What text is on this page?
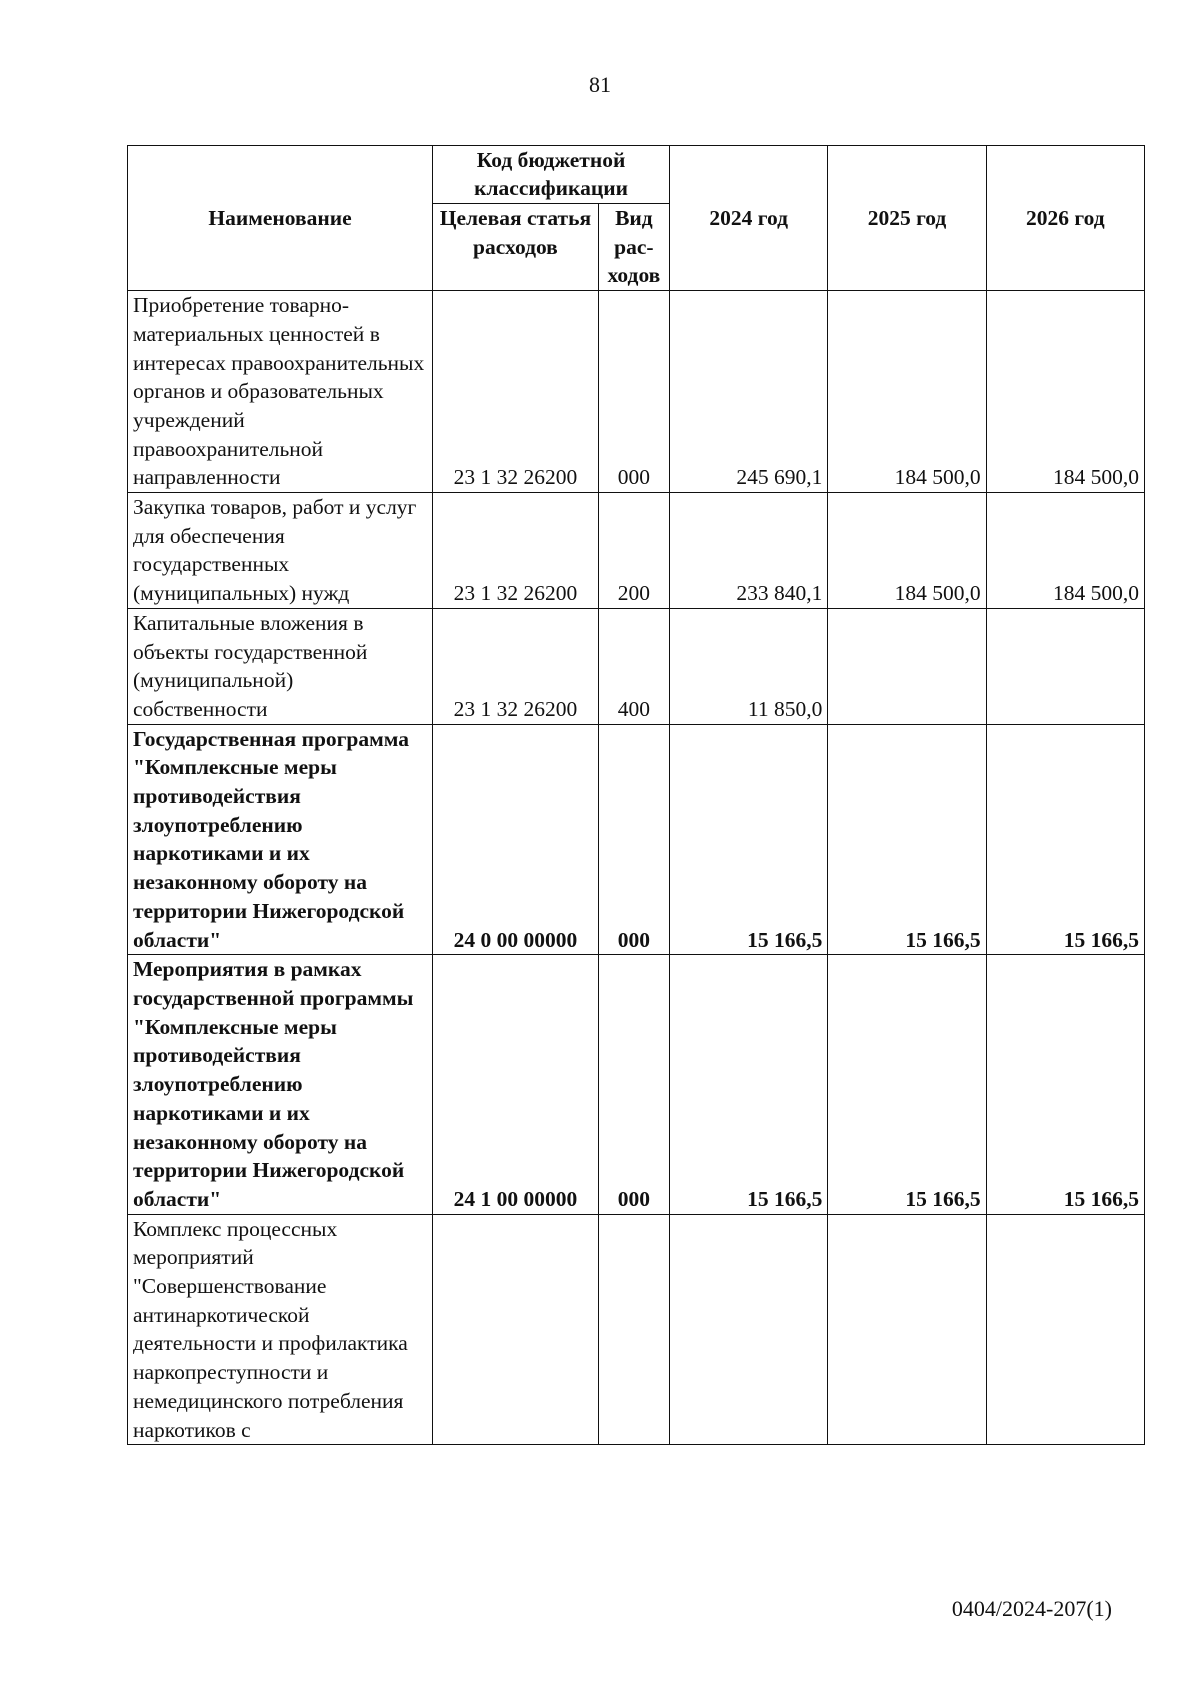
81
Наименование	Код бюджетной классификации		2024 год	2025 год	2026 год
	Целевая статья расходов	Вид рас-ходов			
Приобретение товарно-материальных ценностей в интересах правоохранительных органов и образовательных учреждений правоохранительной направленности	23 1 32 26200	000	245 690,1	184 500,0	184 500,0
Закупка товаров, работ и услуг для обеспечения государственных (муниципальных) нужд	23 1 32 26200	200	233 840,1	184 500,0	184 500,0
Капитальные вложения в объекты государственной (муниципальной) собственности	23 1 32 26200	400	11 850,0		
Государственная программа "Комплексные меры противодействия злоупотреблению наркотиками и их незаконному обороту на территории Нижегородской области"	24 0 00 00000	000	15 166,5	15 166,5	15 166,5
Мероприятия в рамках государственной программы "Комплексные меры противодействия злоупотреблению наркотиками и их незаконному обороту на территории Нижегородской области"	24 1 00 00000	000	15 166,5	15 166,5	15 166,5
Комплекс процессных мероприятий "Совершенствование антинаркотической деятельности и профилактика наркопреступности и немедицинского потребления наркотиков с					
0404/2024-207(1)
